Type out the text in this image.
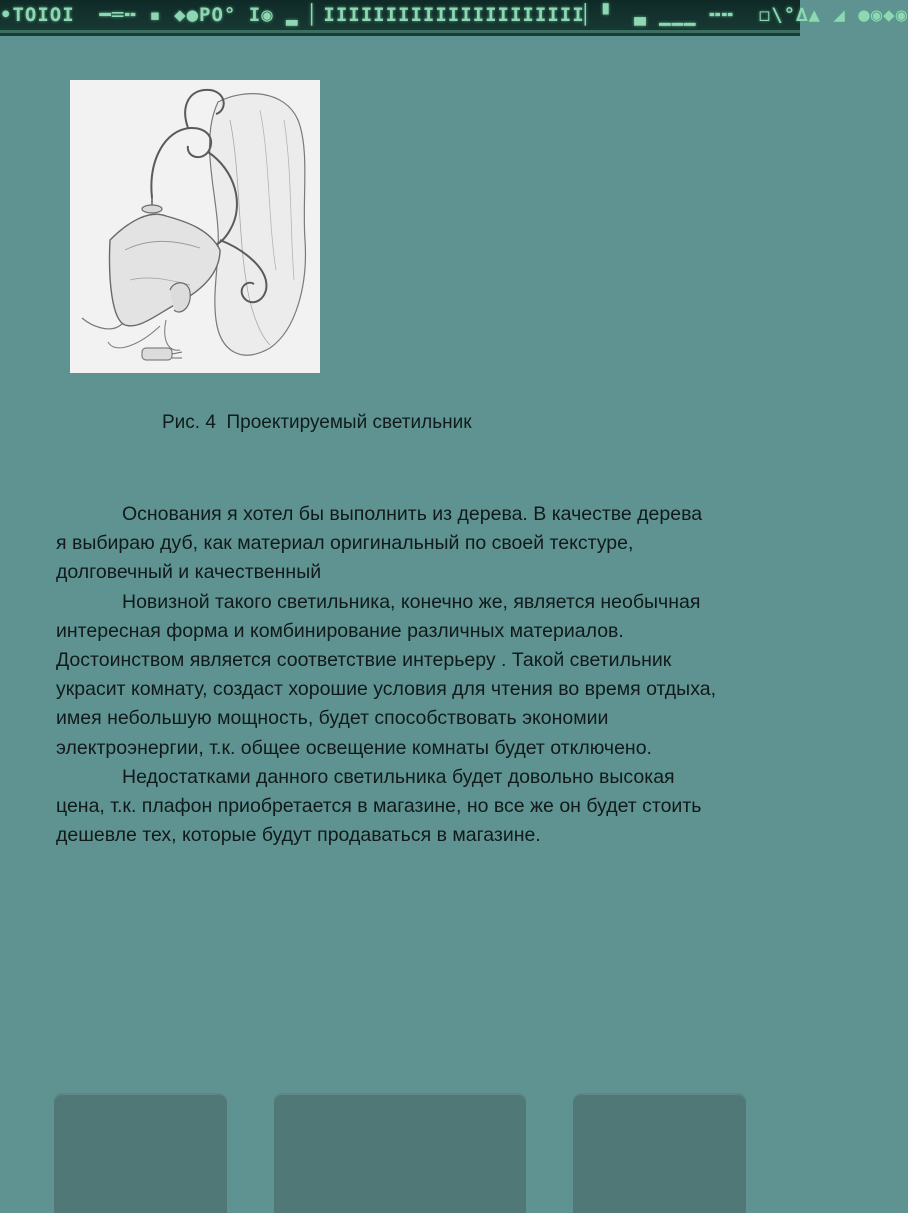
•TOIOI  ━═╍ ▪ ◆●PO° I◉ ▂ ▏IIIIIIIIIIIIIIIIIIIII▏▝  ▃ ▁▁▁ ╍╍  ◻\°∆▲ ◢ ●◉◆◉
Рис. 4  Проектируемый светильник

Основания я хотел бы выполнить из дерева. В качестве дерева я выбираю дуб, как материал оригинальный по своей текстуре, долговечный и качественный

Новизной такого светильника, конечно же, является необычная интересная форма и комбинирование различных материалов. Достоинством является соответствие интерьеру . Такой светильник украсит комнату, создаст хорошие условия для чтения во время отдыха, имея небольшую мощность, будет способствовать экономии электроэнергии, т.к. общее освещение комнаты будет отключено.

Недостатками данного светильника будет довольно высокая цена, т.к. плафон приобретается в магазине, но все же он будет стоить дешевле тех, которые будут продаваться в магазине.
